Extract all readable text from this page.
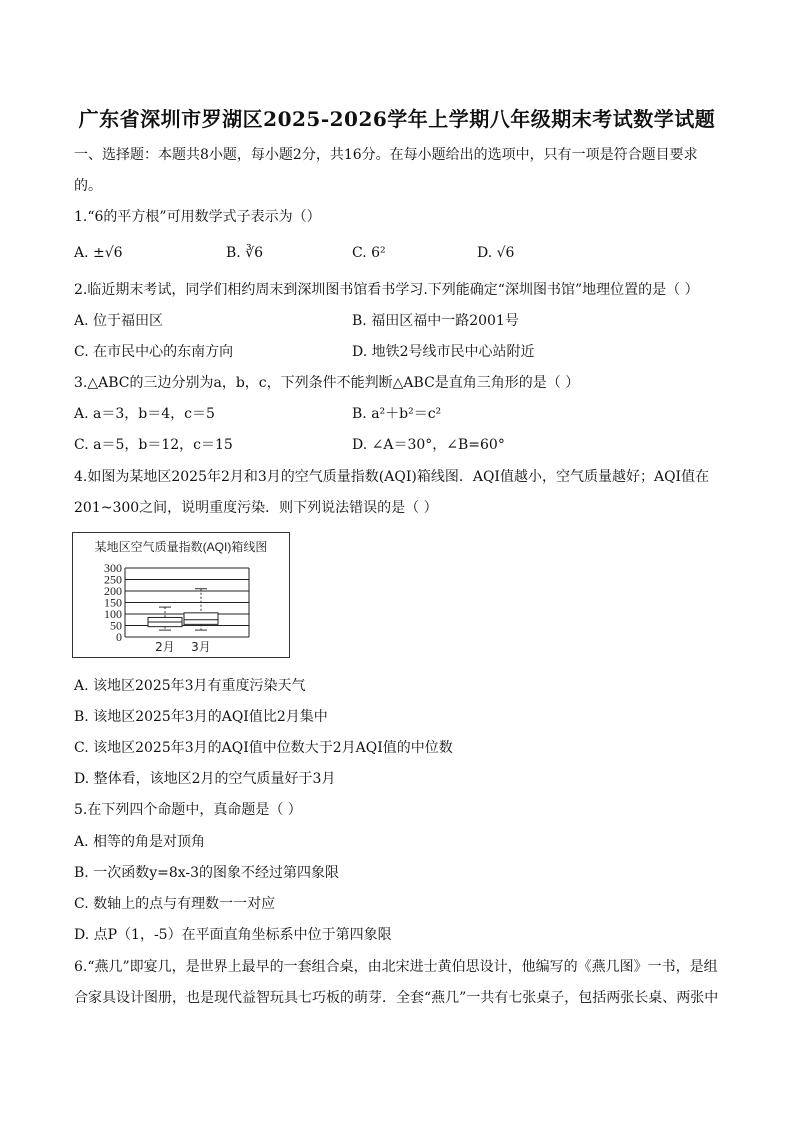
广东省深圳市罗湖区2025-2026学年上学期八年级期末考试数学试题
一、选择题：本题共8小题，每小题2分，共16分。在每小题给出的选项中，只有一项是符合题目要求
的。
1.“6的平方根”可用数学式子表示为（）
A. ±√6	B. ∛6	C. 6²	D. √6
2.临近期末考试，同学们相约周末到深圳图书馆看书学习.下列能确定“深圳图书馆”地理位置的是（ ）
A. 位于福田区	B. 福田区福中一路2001号
C. 在市民中心的东南方向	D. 地铁2号线市民中心站附近
3.△ABC的三边分别为a，b，c，下列条件不能判断△ABC是直角三角形的是（ ）
A. a＝3，b＝4，c＝5	B. a²＋b²＝c²
C. a＝5，b＝12，c＝15	D. ∠A＝30°，∠B=60°
4.如图为某地区2025年2月和3月的空气质量指数(AQI)箱线图．AQI值越小，空气质量越好；AQI值在
201~300之间，说明重度污染．则下列说法错误的是（ ）
某地区空气质量指数(AQI)箱线图
0
50
100
150
200
250
300
2月 3月
A. 该地区2025年3月有重度污染天气
B. 该地区2025年3月的AQI值比2月集中
C. 该地区2025年3月的AQI值中位数大于2月AQI值的中位数
D. 整体看，该地区2月的空气质量好于3月
5.在下列四个命题中，真命题是（ ）
A. 相等的角是对顶角
B. 一次函数y=8x-3的图象不经过第四象限
C. 数轴上的点与有理数一一对应
D. 点P（1，-5）在平面直角坐标系中位于第四象限
6.“燕几”即宴几，是世界上最早的一套组合桌，由北宋进士黄伯思设计，他编写的《燕几图》一书，是组
合家具设计图册，也是现代益智玩具七巧板的萌芽．全套“燕几”一共有七张桌子，包括两张长桌、两张中
